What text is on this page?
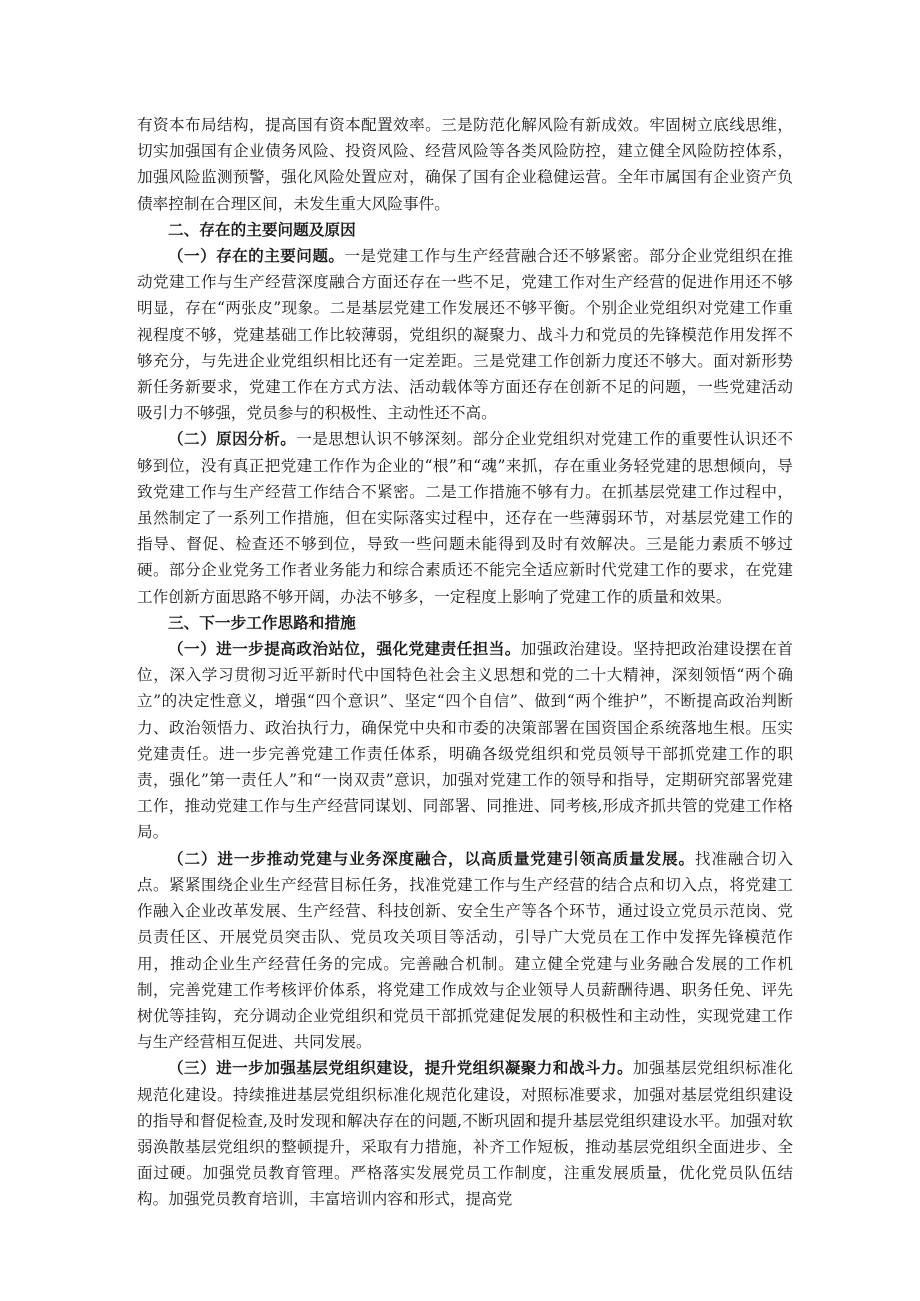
有资本布局结构，提高国有资本配置效率。三是防范化解风险有新成效。牢固树立底线思维，切实加强国有企业债务风险、投资风险、经营风险等各类风险防控，建立健全风险防控体系，加强风险监测预警，强化风险处置应对，确保了国有企业稳健运营。全年市属国有企业资产负债率控制在合理区间，未发生重大风险事件。

二、存在的主要问题及原因

（一）存在的主要问题。一是党建工作与生产经营融合还不够紧密。部分企业党组织在推动党建工作与生产经营深度融合方面还存在一些不足，党建工作对生产经营的促进作用还不够明显，存在“两张皮”现象。二是基层党建工作发展还不够平衡。个别企业党组织对党建工作重视程度不够，党建基础工作比较薄弱，党组织的凝聚力、战斗力和党员的先锋模范作用发挥不够充分，与先进企业党组织相比还有一定差距。三是党建工作创新力度还不够大。面对新形势新任务新要求，党建工作在方式方法、活动载体等方面还存在创新不足的问题，一些党建活动吸引力不够强，党员参与的积极性、主动性还不高。

（二）原因分析。一是思想认识不够深刻。部分企业党组织对党建工作的重要性认识还不够到位，没有真正把党建工作作为企业的“根”和“魂”来抓，存在重业务轻党建的思想倾向，导致党建工作与生产经营工作结合不紧密。二是工作措施不够有力。在抓基层党建工作过程中，虽然制定了一系列工作措施，但在实际落实过程中，还存在一些薄弱环节，对基层党建工作的指导、督促、检查还不够到位，导致一些问题未能得到及时有效解决。三是能力素质不够过硬。部分企业党务工作者业务能力和综合素质还不能完全适应新时代党建工作的要求，在党建工作创新方面思路不够开阔，办法不够多，一定程度上影响了党建工作的质量和效果。

三、下一步工作思路和措施

（一）进一步提高政治站位，强化党建责任担当。加强政治建设。坚持把政治建设摆在首位，深入学习贯彻习近平新时代中国特色社会主义思想和党的二十大精神，深刻领悟“两个确立”的决定性意义，增强“四个意识”、坚定“四个自信”、做到“两个维护”，不断提高政治判断力、政治领悟力、政治执行力，确保党中央和市委的决策部署在国资国企系统落地生根。压实党建责任。进一步完善党建工作责任体系，明确各级党组织和党员领导干部抓党建工作的职责，强化”第一责任人”和“一岗双责”意识，加强对党建工作的领导和指导，定期研究部署党建工作，推动党建工作与生产经营同谋划、同部署、同推进、同考核,形成齐抓共管的党建工作格局。

（二）进一步推动党建与业务深度融合，以高质量党建引领高质量发展。找准融合切入点。紧紧围绕企业生产经营目标任务，找准党建工作与生产经营的结合点和切入点，将党建工作融入企业改革发展、生产经营、科技创新、安全生产等各个环节，通过设立党员示范岗、党员责任区、开展党员突击队、党员攻关项目等活动，引导广大党员在工作中发挥先锋模范作用，推动企业生产经营任务的完成。完善融合机制。建立健全党建与业务融合发展的工作机制，完善党建工作考核评价体系，将党建工作成效与企业领导人员薪酬待遇、职务任免、评先树优等挂钩，充分调动企业党组织和党员干部抓党建促发展的积极性和主动性，实现党建工作与生产经营相互促进、共同发展。

（三）进一步加强基层党组织建设，提升党组织凝聚力和战斗力。加强基层党组织标准化规范化建设。持续推进基层党组织标准化规范化建设，对照标准要求，加强对基层党组织建设的指导和督促检查,及时发现和解决存在的问题,不断巩固和提升基层党组织建设水平。加强对软弱涣散基层党组织的整顿提升，采取有力措施，补齐工作短板，推动基层党组织全面进步、全面过硬。加强党员教育管理。严格落实发展党员工作制度，注重发展质量，优化党员队伍结构。加强党员教育培训，丰富培训内容和形式，提高党
